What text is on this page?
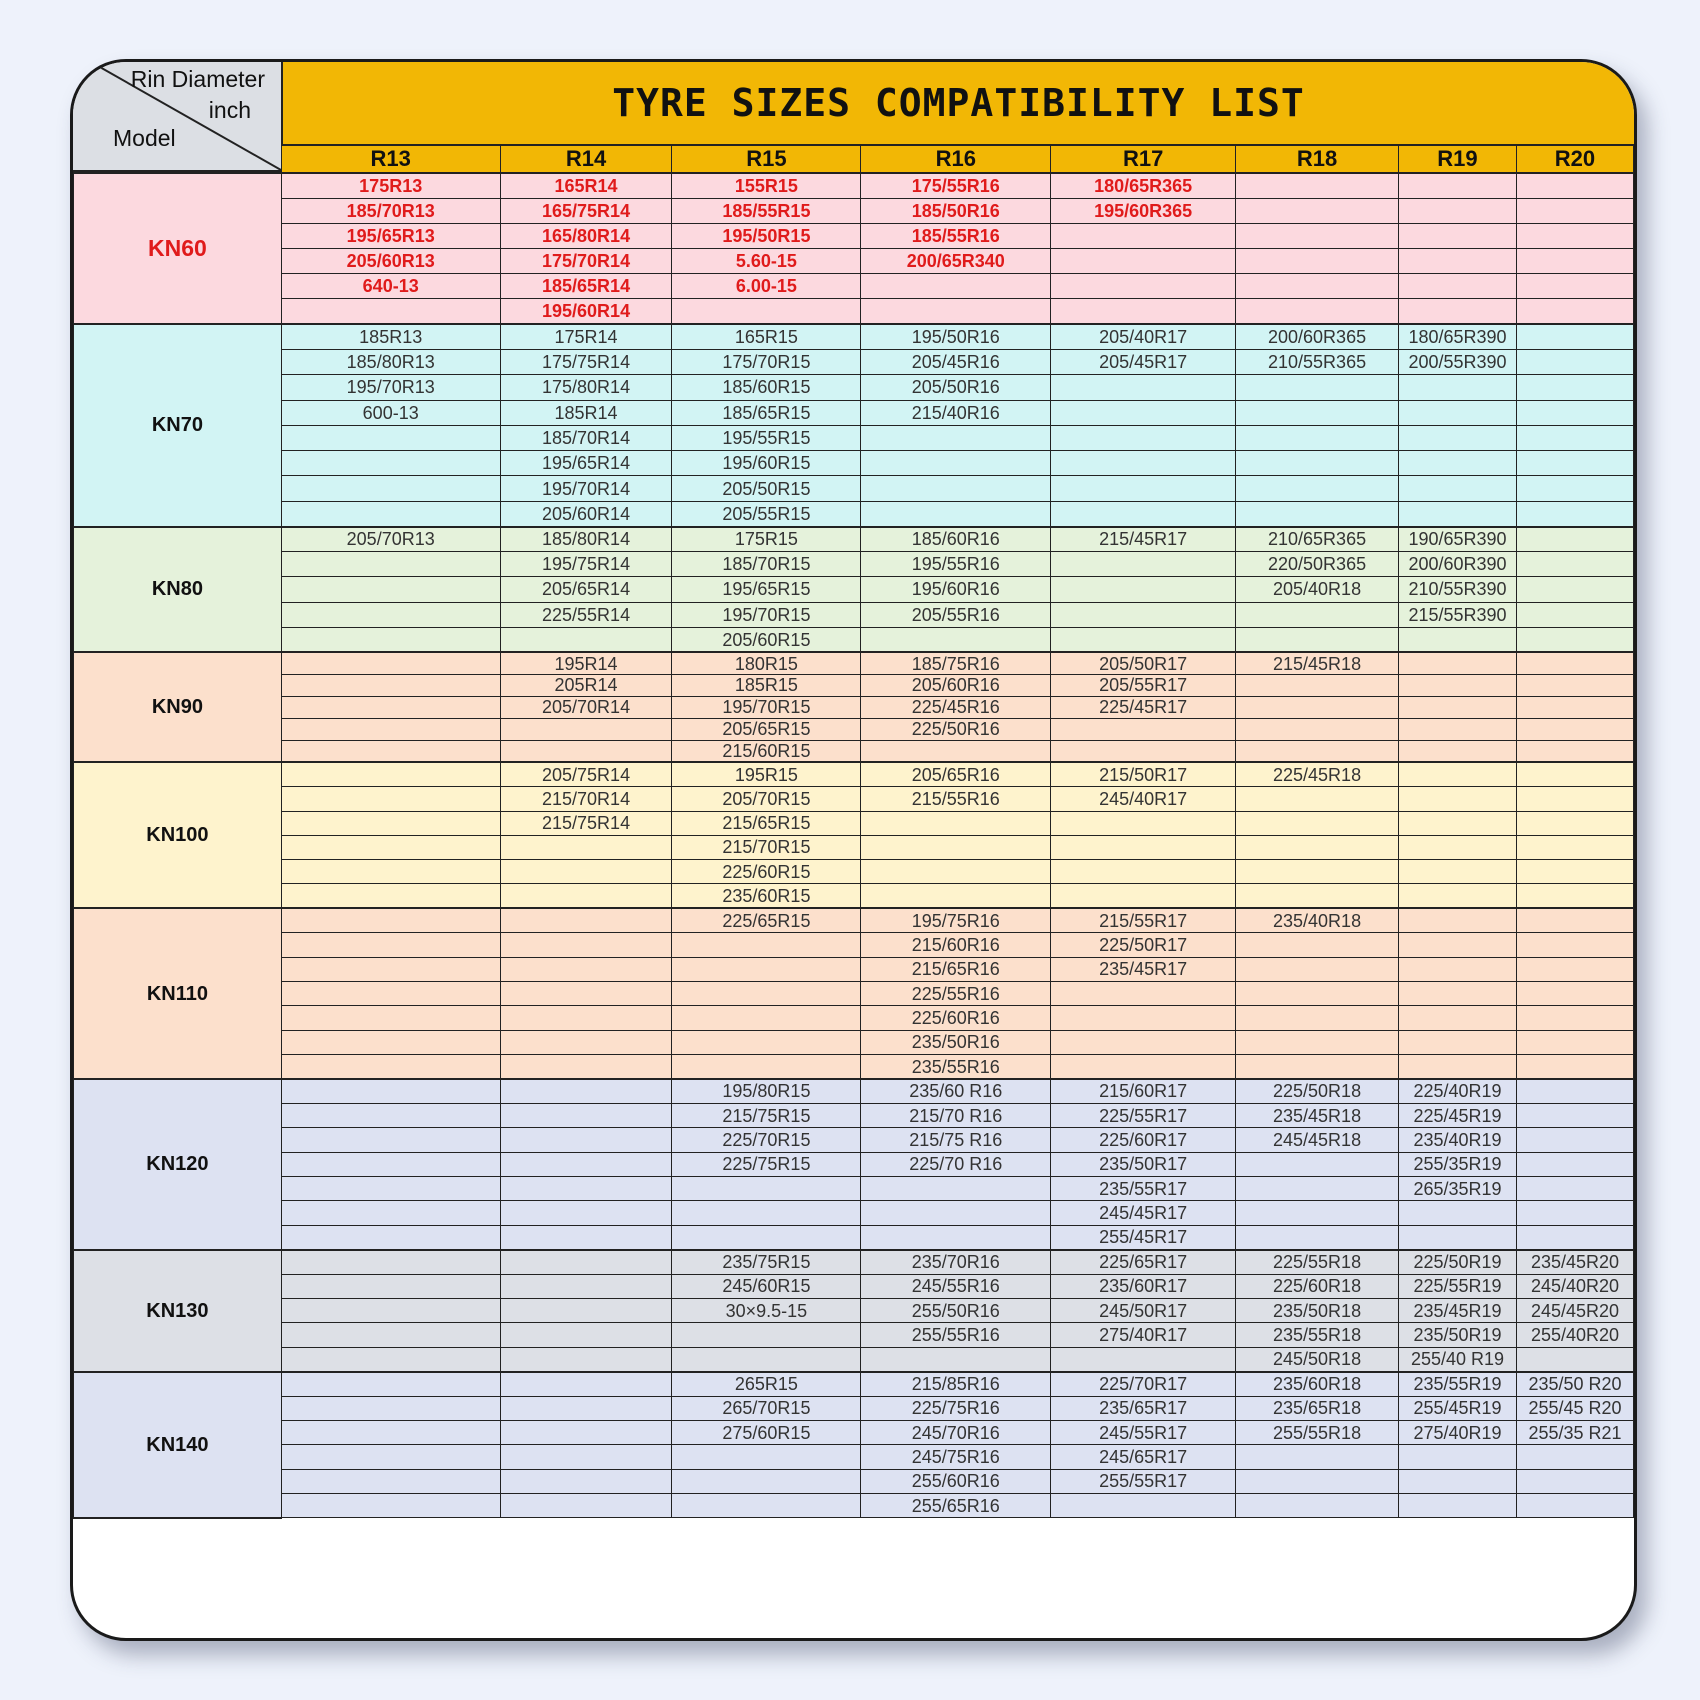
Rin Diameter
inch
Model
TYRE SIZES COMPATIBILITY LIST
	R13	R14	R15	R16	R17	R18	R19	R20
KN60	175R13	165R14	155R15	175/55R16	180/65R365			
	185/70R13	165/75R14	185/55R15	185/50R16	195/60R365			
	195/65R13	165/80R14	195/50R15	185/55R16				
	205/60R13	175/70R14	5.60-15	200/65R340				
	640-13	185/65R14	6.00-15					
		195/60R14						
KN70	185R13	175R14	165R15	195/50R16	205/40R17	200/60R365	180/65R390	
	185/80R13	175/75R14	175/70R15	205/45R16	205/45R17	210/55R365	200/55R390	
	195/70R13	175/80R14	185/60R15	205/50R16				
	600-13	185R14	185/65R15	215/40R16				
		185/70R14	195/55R15					
		195/65R14	195/60R15					
		195/70R14	205/50R15					
		205/60R14	205/55R15					
KN80	205/70R13	185/80R14	175R15	185/60R16	215/45R17	210/65R365	190/65R390	
		195/75R14	185/70R15	195/55R16		220/50R365	200/60R390	
		205/65R14	195/65R15	195/60R16		205/40R18	210/55R390	
		225/55R14	195/70R15	205/55R16			215/55R390	
			205/60R15					
KN90		195R14	180R15	185/75R16	205/50R17	215/45R18		
		205R14	185R15	205/60R16	205/55R17			
		205/70R14	195/70R15	225/45R16	225/45R17			
			205/65R15	225/50R16				
			215/60R15					
KN100		205/75R14	195R15	205/65R16	215/50R17	225/45R18		
		215/70R14	205/70R15	215/55R16	245/40R17			
		215/75R14	215/65R15					
			215/70R15					
			225/60R15					
			235/60R15					
KN110			225/65R15	195/75R16	215/55R17	235/40R18		
				215/60R16	225/50R17			
				215/65R16	235/45R17			
				225/55R16				
				225/60R16				
				235/50R16				
				235/55R16				
KN120			195/80R15	235/60 R16	215/60R17	225/50R18	225/40R19	
			215/75R15	215/70 R16	225/55R17	235/45R18	225/45R19	
			225/70R15	215/75 R16	225/60R17	245/45R18	235/40R19	
			225/75R15	225/70 R16	235/50R17		255/35R19	
					235/55R17		265/35R19	
					245/45R17			
					255/45R17			
KN130			235/75R15	235/70R16	225/65R17	225/55R18	225/50R19	235/45R20
			245/60R15	245/55R16	235/60R17	225/60R18	225/55R19	245/40R20
			30×9.5-15	255/50R16	245/50R17	235/50R18	235/45R19	245/45R20
				255/55R16	275/40R17	235/55R18	235/50R19	255/40R20
						245/50R18	255/40 R19	
KN140			265R15	215/85R16	225/70R17	235/60R18	235/55R19	235/50 R20
			265/70R15	225/75R16	235/65R17	235/65R18	255/45R19	255/45 R20
			275/60R15	245/70R16	245/55R17	255/55R18	275/40R19	255/35 R21
				245/75R16	245/65R17			
				255/60R16	255/55R17			
				255/65R16				
